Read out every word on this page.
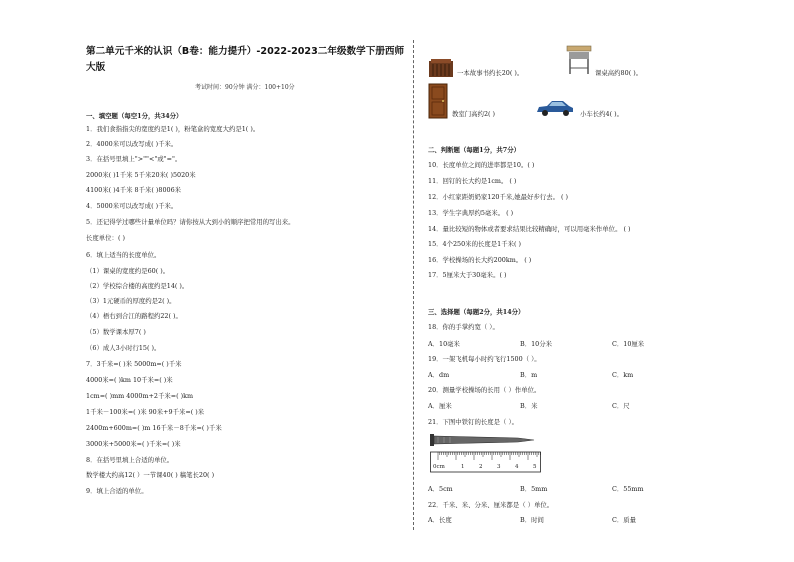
第二单元千米的认识（B卷：能力提升）-2022-2023二年级数学下册西师大版
考试时间：90分钟 满分：100+10分
一、填空题（每空1分，共34分）
1．我们食指指尖的宽度约是1( )，粉笔盒的宽度大约是1( )。
2．4000米可以改写成( )千米。
3．在括号里填上">""<"或"="。
2000米( )1千米 5千米20米( )5020米
4100米( )4千米 8千米( )8006米
4．5000米可以改写成( )千米。
5．还记得学过哪些计量单位吗？请你按从大到小的顺序把常用的写出来。
长度单位：( )
6．填上适当的长度单位。
（1）课桌的宽度约是60( )。
（2）学校综合楼的高度约是14( )。
（3）1元硬币的厚度约是2( )。
（4）梧右到合江的路程约22( )。
（5）数学课本厚7( )
（6）成人3小时行15( )。
7．3千米=( )米 5000m=( )千米
4000米=( )km 10千米=( )米
1cm=( )mm 4000m+2千米=( )km
1千米－100米=( )米 90米+9千米=( )米
2400m+600m=( )m 16千米－8千米=( )千米
3000米+5000米=( )千米=( )米
8．在括号里填上合适的单位。
数学楼大约高12( ）一节课40( ) 稿笔长20( )
9．填上合适的单位。
一本故事书约长20( )。	课桌高约80( )。
教室门高约2( )	小车长约4( )。
二、判断题（每题1分，共7分）
10．长度单位之间的进率都是10。( )
11．回钉的长大约是1cm。 ( )
12．小红家距奶奶家120千米,她最好步行去。 ( )
13．学生字典厚约5毫米。 ( )
14．量比较短的物体或者要求结果比较精确时，可以用毫米作单位。 ( )
15．4个250米的长度是1千米( )
16．学校操场的长大约200km。 ( )
17．5厘米大于30毫米。( )
三、选择题（每题2分，共14分）
18．你的手掌约宽（ ）。
A．10毫米	B．10分米	C．10厘米
19．一架飞机每小时约飞行1500（ ）。
A．dm	B．m	C．km
20．测量学校操场的长用（ ）作单位。
A．厘米	B．米	C．尺
21．下图中铁钉的长度是（ ）。
0cm	1	2	3	4	5
A．5cm	B．5mm	C．55mm
22．千米、米、分米、厘米都是（ ）单位。
A．长度	B．时间	C．质量
